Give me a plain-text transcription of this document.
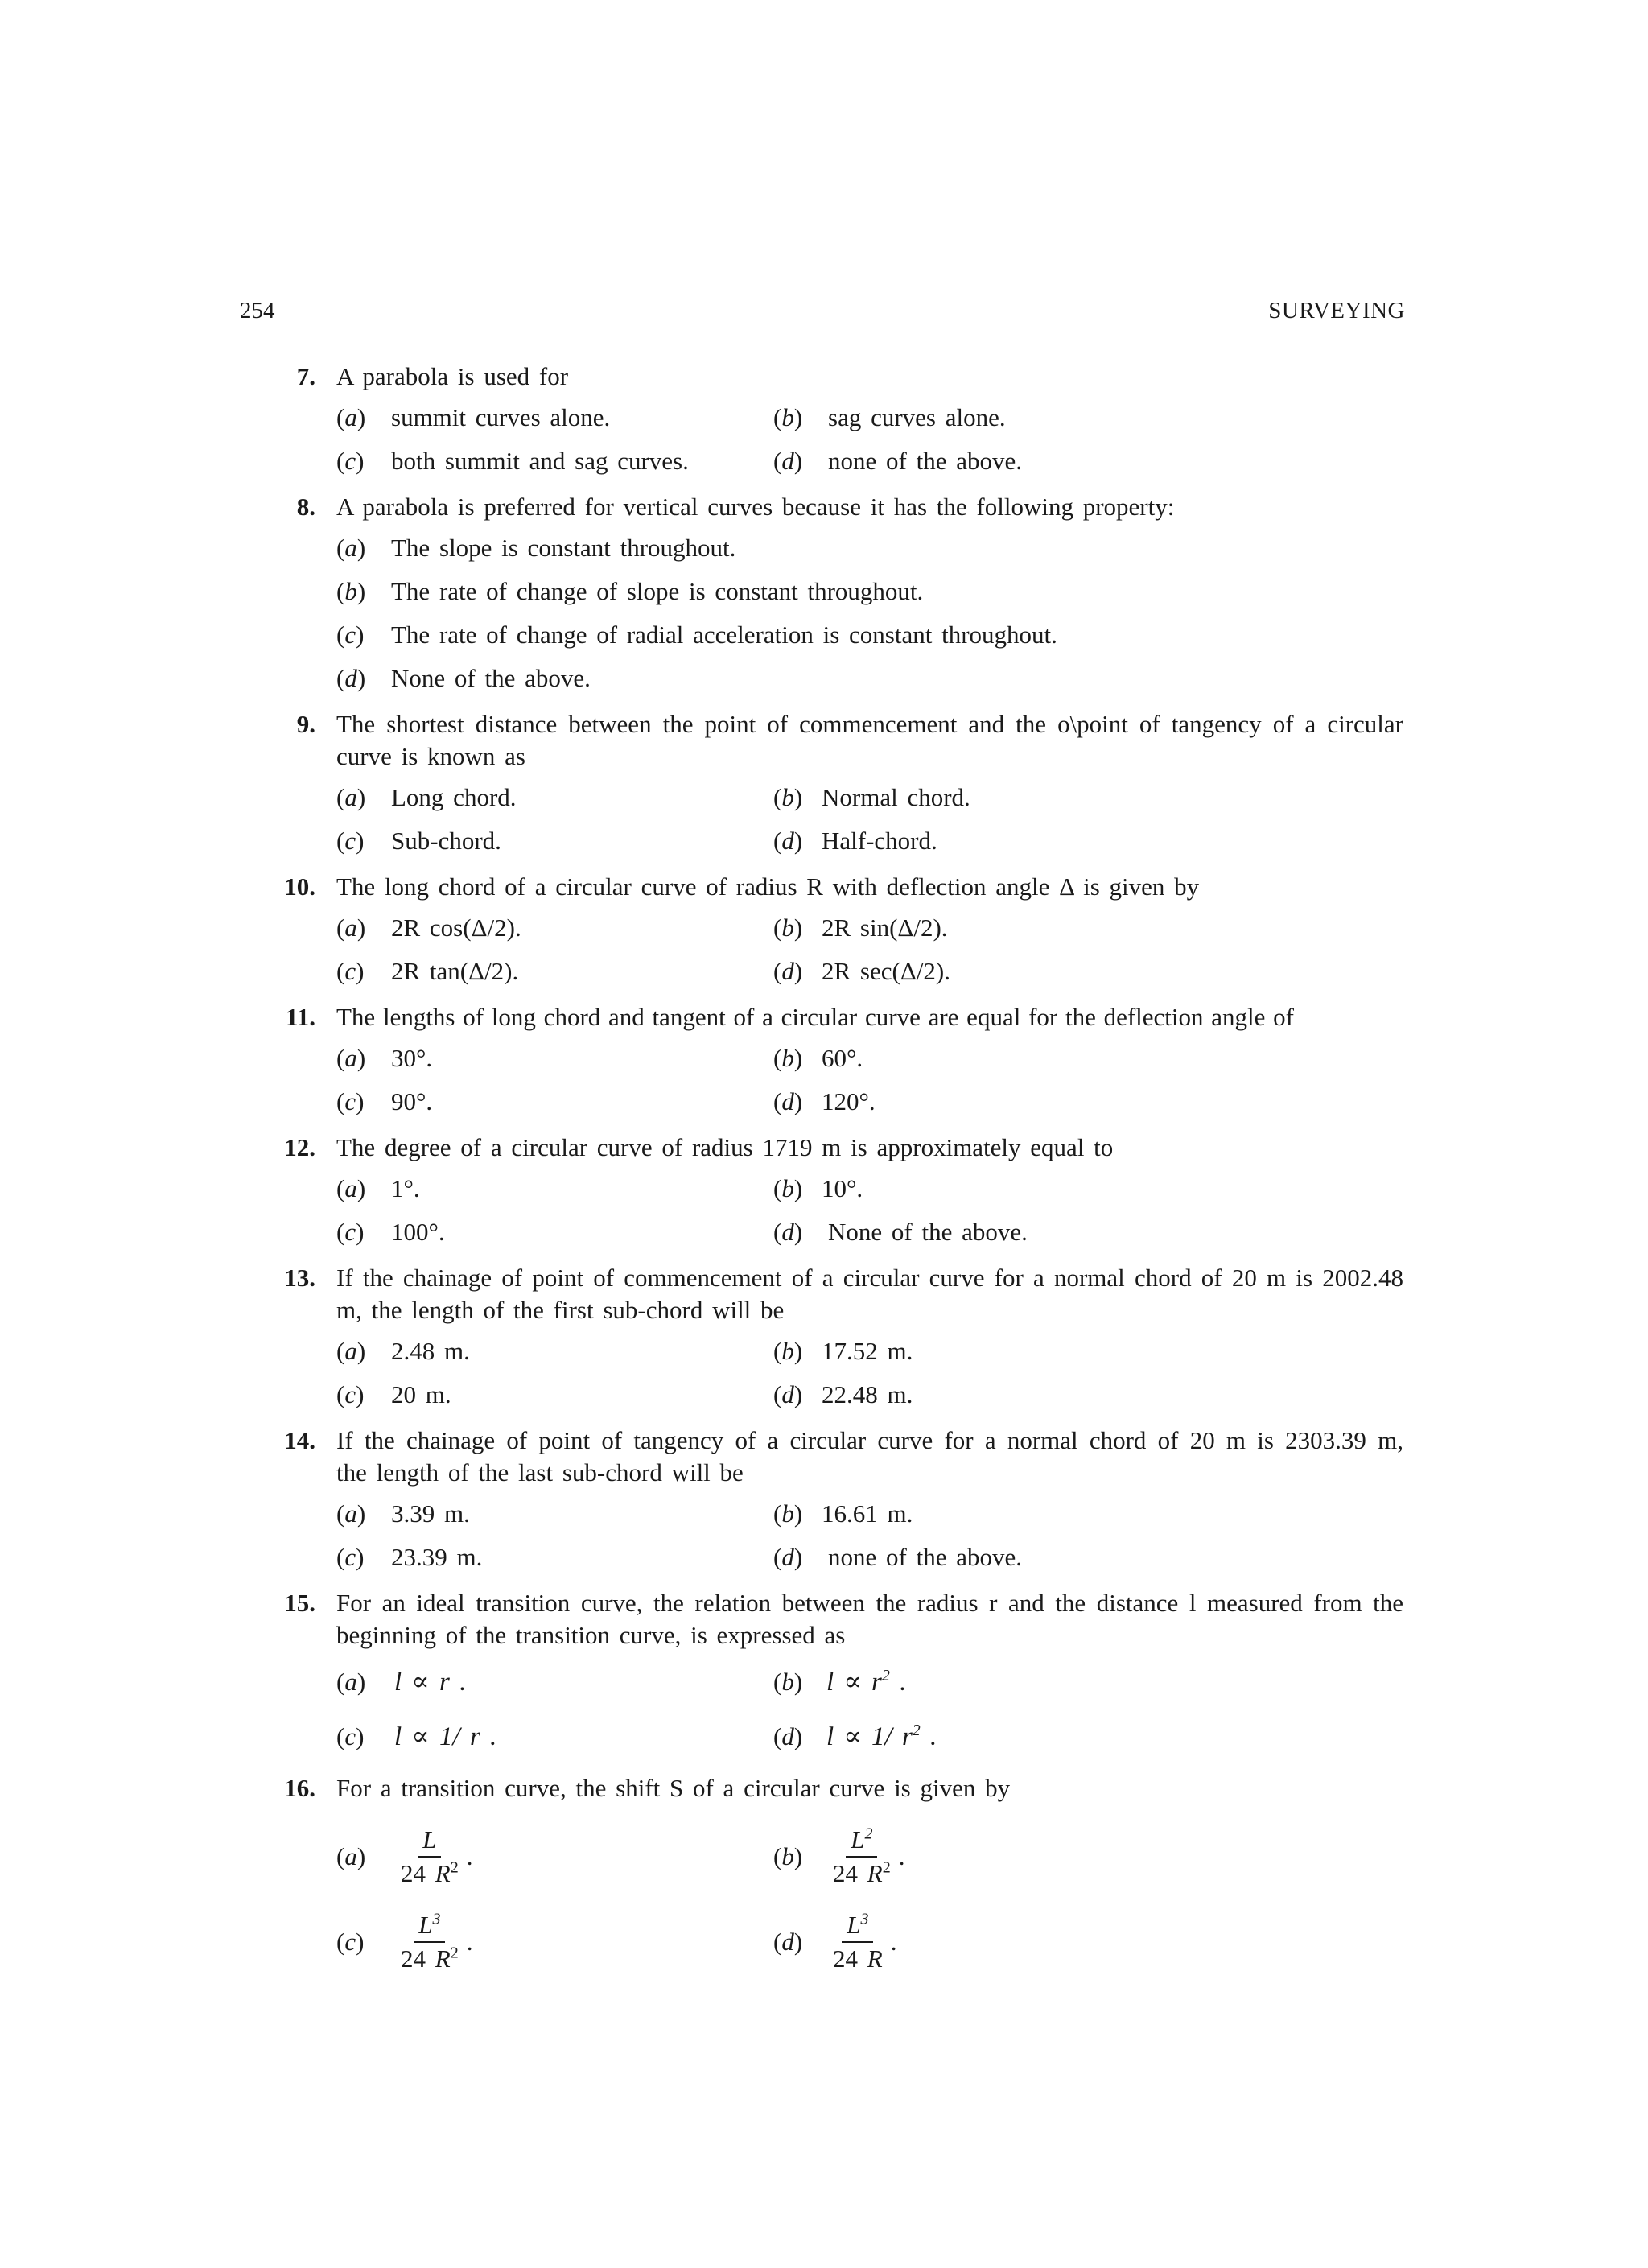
254	SURVEYING
7. A parabola is used for
(a)	summit curves alone.	(b)	sag curves alone.
(c)	both summit and sag curves.	(d)	none of the above.
8. A parabola is preferred for vertical curves because it has the following property:
(a)	The slope is constant throughout.
(b)	The rate of change of slope is constant throughout.
(c)	The rate of change of radial acceleration is constant throughout.
(d)	None of the above.
9. The shortest distance between the point of commencement and the o\point of tangency of a circular curve is known as
(a)	Long chord.	(b) Normal chord.
(c)	Sub-chord.	(d) Half-chord.
10. The long chord of a circular curve of radius R with deflection angle Δ is given by
(a)	2R cos(Δ/2).	(b) 2R sin(Δ/2).
(c)	2R tan(Δ/2).	(d) 2R sec(Δ/2).
11. The lengths of long chord and tangent of a circular curve are equal for the deflection angle of
(a)	30°.	(b) 60°.
(c)	90°.	(d) 120°.
12. The degree of a circular curve of radius 1719 m is approximately equal to
(a)	1°.	(b) 10°.
(c)	100°.	(d)	None of the above.
13. If the chainage of point of commencement of a circular curve for a normal chord of 20 m is 2002.48 m, the length of the first sub-chord will be
(a)	2.48 m.	(b) 17.52 m.
(c)	20 m.	(d) 22.48 m.
14. If the chainage of point of tangency of a circular curve for a normal chord of 20 m is 2303.39 m, the length of the last sub-chord will be
(a)	3.39 m.	(b) 16.61 m.
(c)	23.39 m.	(d)	none of the above.
15. For an ideal transition curve, the relation between the radius r and the distance l measured from the beginning of the transition curve, is expressed as
(a)	l ∝ r .	(b) $l \propto r^2$ .
(c)	l ∝ 1/ r .	(d) l ∝ 1/ $r^2$ .
16. For a transition curve, the shift S of a circular curve is given by
(a)	$\frac{L}{24 R^2}$ .	(b)	$\frac{L^2}{24 R^2}$ .
(c)	$\frac{L^3}{24 R^2}$ .	(d)	$\frac{L^3}{24 R}$ .
